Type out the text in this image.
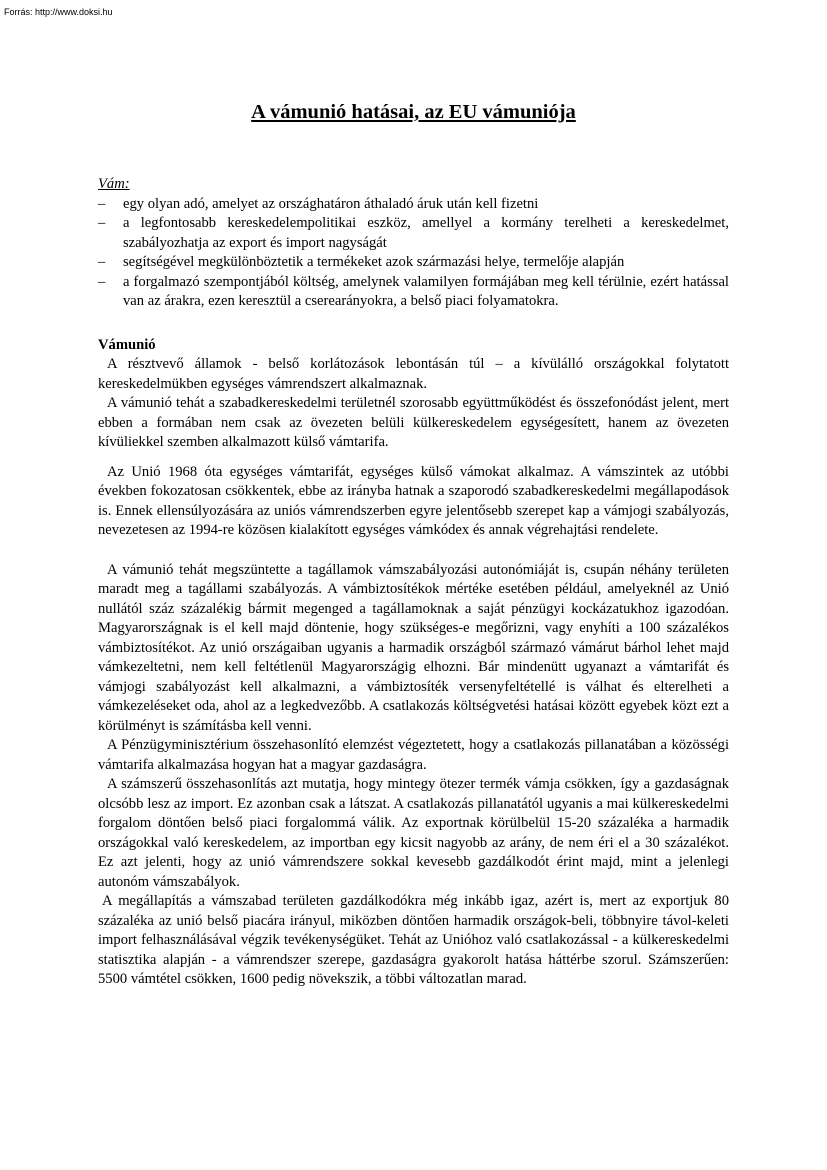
Forrás: http://www.doksi.hu
A vámunió hatásai, az EU vámuniója

Vám:

– egy olyan adó, amelyet az országhatáron áthaladó áruk után kell fizetni
– a legfontosabb kereskedelempolitikai eszköz, amellyel a kormány terelheti a kereskedelmet, szabályozhatja az export és import nagyságát
– segítségével megkülönböztetik a termékeket azok származási helye, termelője alapján
– a forgalmazó szempontjából költség, amelynek valamilyen formájában meg kell térülnie, ezért hatással van az árakra, ezen keresztül a cserearányokra, a belső piaci folyamatokra.

Vámunió

A résztvevő államok - belső korlátozások lebontásán túl – a kívülálló országokkal folytatott kereskedelmükben egységes vámrendszert alkalmaznak.

A vámunió tehát a szabadkereskedelmi területnél szorosabb együttműködést és összefonódást jelent, mert ebben a formában nem csak az övezeten belüli külkereskedelem egységesített, hanem az övezeten kívüliekkel szemben alkalmazott külső vámtarifa.

Az Unió 1968 óta egységes vámtarifát, egységes külső vámokat alkalmaz. A vámszintek az utóbbi években fokozatosan csökkentek, ebbe az irányba hatnak a szaporodó szabadkereskedelmi megállapodások is. Ennek ellensúlyozására az uniós vámrendszerben egyre jelentősebb szerepet kap a vámjogi szabályozás, nevezetesen az 1994-re közösen kialakított egységes vámkódex és annak végrehajtási rendelete.

A vámunió tehát megszüntette a tagállamok vámszabályozási autonómiáját is, csupán néhány területen maradt meg a tagállami szabályozás. A vámbiztosítékok mértéke esetében például, amelyeknél az Unió nullától száz százalékig bármit megenged a tagállamoknak a saját pénzügyi kockázatukhoz igazodóan. Magyarországnak is el kell majd döntenie, hogy szükséges-e megőrizni, vagy enyhíti a 100 százalékos vámbiztosítékot. Az unió országaiban ugyanis a harmadik országból származó vámárut bárhol lehet majd vámkezeltetni, nem kell feltétlenül Magyarországig elhozni. Bár mindenütt ugyanazt a vámtarifát és vámjogi szabályozást kell alkalmazni, a vámbiztosíték versenyfeltétellé is válhat és elterelheti a vámkezeléseket oda, ahol az a legkedvezőbb. A csatlakozás költségvetési hatásai között egyebek közt ezt a körülményt is számításba kell venni.

A Pénzügyminisztérium összehasonlító elemzést végeztetett, hogy a csatlakozás pillanatában a közösségi vámtarifa alkalmazása hogyan hat a magyar gazdaságra.

A számszerű összehasonlítás azt mutatja, hogy mintegy ötezer termék vámja csökken, így a gazdaságnak olcsóbb lesz az import. Ez azonban csak a látszat. A csatlakozás pillanatától ugyanis a mai külkereskedelmi forgalom döntően belső piaci forgalommá válik. Az exportnak körülbelül 15-20 százaléka a harmadik országokkal való kereskedelem, az importban egy kicsit nagyobb az arány, de nem éri el a 30 százalékot. Ez azt jelenti, hogy az unió vámrendszere sokkal kevesebb gazdálkodót érint majd, mint a jelenlegi autonóm vámszabályok.

A megállapítás a vámszabad területen gazdálkodókra még inkább igaz, azért is, mert az exportjuk 80 százaléka az unió belső piacára irányul, miközben döntően harmadik országok-beli, többnyire távol-keleti import felhasználásával végzik tevékenységüket. Tehát az Unióhoz való csatlakozással - a külkereskedelmi statisztika alapján - a vámrendszer szerepe, gazdaságra gyakorolt hatása háttérbe szorul. Számszerűen: 5500 vámtétel csökken, 1600 pedig növekszik, a többi változatlan marad.
